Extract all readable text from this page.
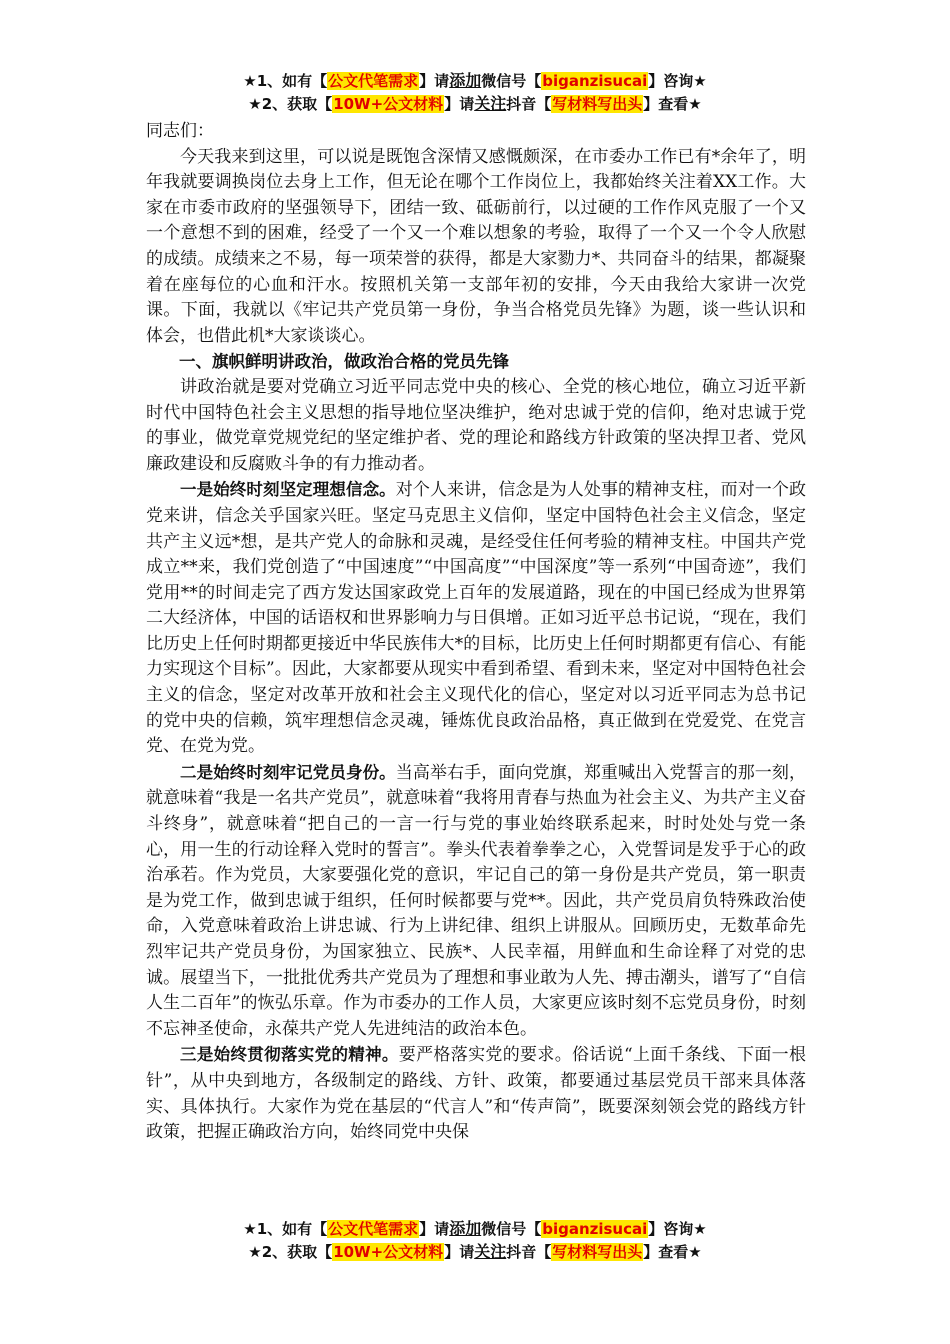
★1、如有【公文代笔需求】请添加微信号【biganzisucai】咨询★
★2、获取【10W+公文材料】请关注抖音【写材料写出头】查看★

同志们：

今天我来到这里，可以说是既饱含深情又感慨颇深，在市委办工作已有*余年了，明年我就要调换岗位去身上工作，但无论在哪个工作岗位上，我都始终关注着XX工作。大家在市委市政府的坚强领导下，团结一致、砥砺前行，以过硬的工作作风克服了一个又一个意想不到的困难，经受了一个又一个难以想象的考验，取得了一个又一个令人欣慰的成绩。成绩来之不易，每一项荣誉的获得，都是大家勠力*、共同奋斗的结果，都凝聚着在座每位的心血和汗水。按照机关第一支部年初的安排，今天由我给大家讲一次党课。下面，我就以《牢记共产党员第一身份，争当合格党员先锋》为题，谈一些认识和体会，也借此机*大家谈谈心。

一、旗帜鲜明讲政治，做政治合格的党员先锋

讲政治就是要对党确立习近平同志党中央的核心、全党的核心地位，确立习近平新时代中国特色社会主义思想的指导地位坚决维护，绝对忠诚于党的信仰，绝对忠诚于党的事业，做党章党规党纪的坚定维护者、党的理论和路线方针政策的坚决捍卫者、党风廉政建设和反腐败斗争的有力推动者。

一是始终时刻坚定理想信念。对个人来讲，信念是为人处事的精神支柱，而对一个政党来讲，信念关乎国家兴旺。坚定马克思主义信仰，坚定中国特色社会主义信念，坚定共产主义远*想，是共产党人的命脉和灵魂，是经受住任何考验的精神支柱。中国共产党成立**来，我们党创造了“中国速度”“中国高度”“中国深度”等一系列“中国奇迹”，我们党用**的时间走完了西方发达国家政党上百年的发展道路，现在的中国已经成为世界第二大经济体，中国的话语权和世界影响力与日俱增。正如习近平总书记说，“现在，我们比历史上任何时期都更接近中华民族伟大*的目标，比历史上任何时期都更有信心、有能力实现这个目标”。因此，大家都要从现实中看到希望、看到未来，坚定对中国特色社会主义的信念，坚定对改革开放和社会主义现代化的信心，坚定对以习近平同志为总书记的党中央的信赖，筑牢理想信念灵魂，锤炼优良政治品格，真正做到在党爱党、在党言党、在党为党。

二是始终时刻牢记党员身份。当高举右手，面向党旗，郑重喊出入党誓言的那一刻，就意味着“我是一名共产党员”，就意味着“我将用青春与热血为社会主义、为共产主义奋斗终身”，就意味着“把自己的一言一行与党的事业始终联系起来，时时处处与党一条心，用一生的行动诠释入党时的誓言”。拳头代表着拳拳之心，入党誓词是发乎于心的政治承若。作为党员，大家要强化党的意识，牢记自己的第一身份是共产党员，第一职责是为党工作，做到忠诚于组织，任何时候都要与党**。因此，共产党员肩负特殊政治使命，入党意味着政治上讲忠诚、行为上讲纪律、组织上讲服从。回顾历史，无数革命先烈牢记共产党员身份，为国家独立、民族*、人民幸福，用鲜血和生命诠释了对党的忠诚。展望当下，一批批优秀共产党员为了理想和事业敢为人先、搏击潮头，谱写了“自信人生二百年”的恢弘乐章。作为市委办的工作人员，大家更应该时刻不忘党员身份，时刻不忘神圣使命，永葆共产党人先进纯洁的政治本色。

三是始终贯彻落实党的精神。要严格落实党的要求。俗话说“上面千条线、下面一根针”，从中央到地方，各级制定的路线、方针、政策，都要通过基层党员干部来具体落实、具体执行。大家作为党在基层的“代言人”和“传声筒”，既要深刻领会党的路线方针政策，把握正确政治方向，始终同党中央保

★1、如有【公文代笔需求】请添加微信号【biganzisucai】咨询★
★2、获取【10W+公文材料】请关注抖音【写材料写出头】查看★
